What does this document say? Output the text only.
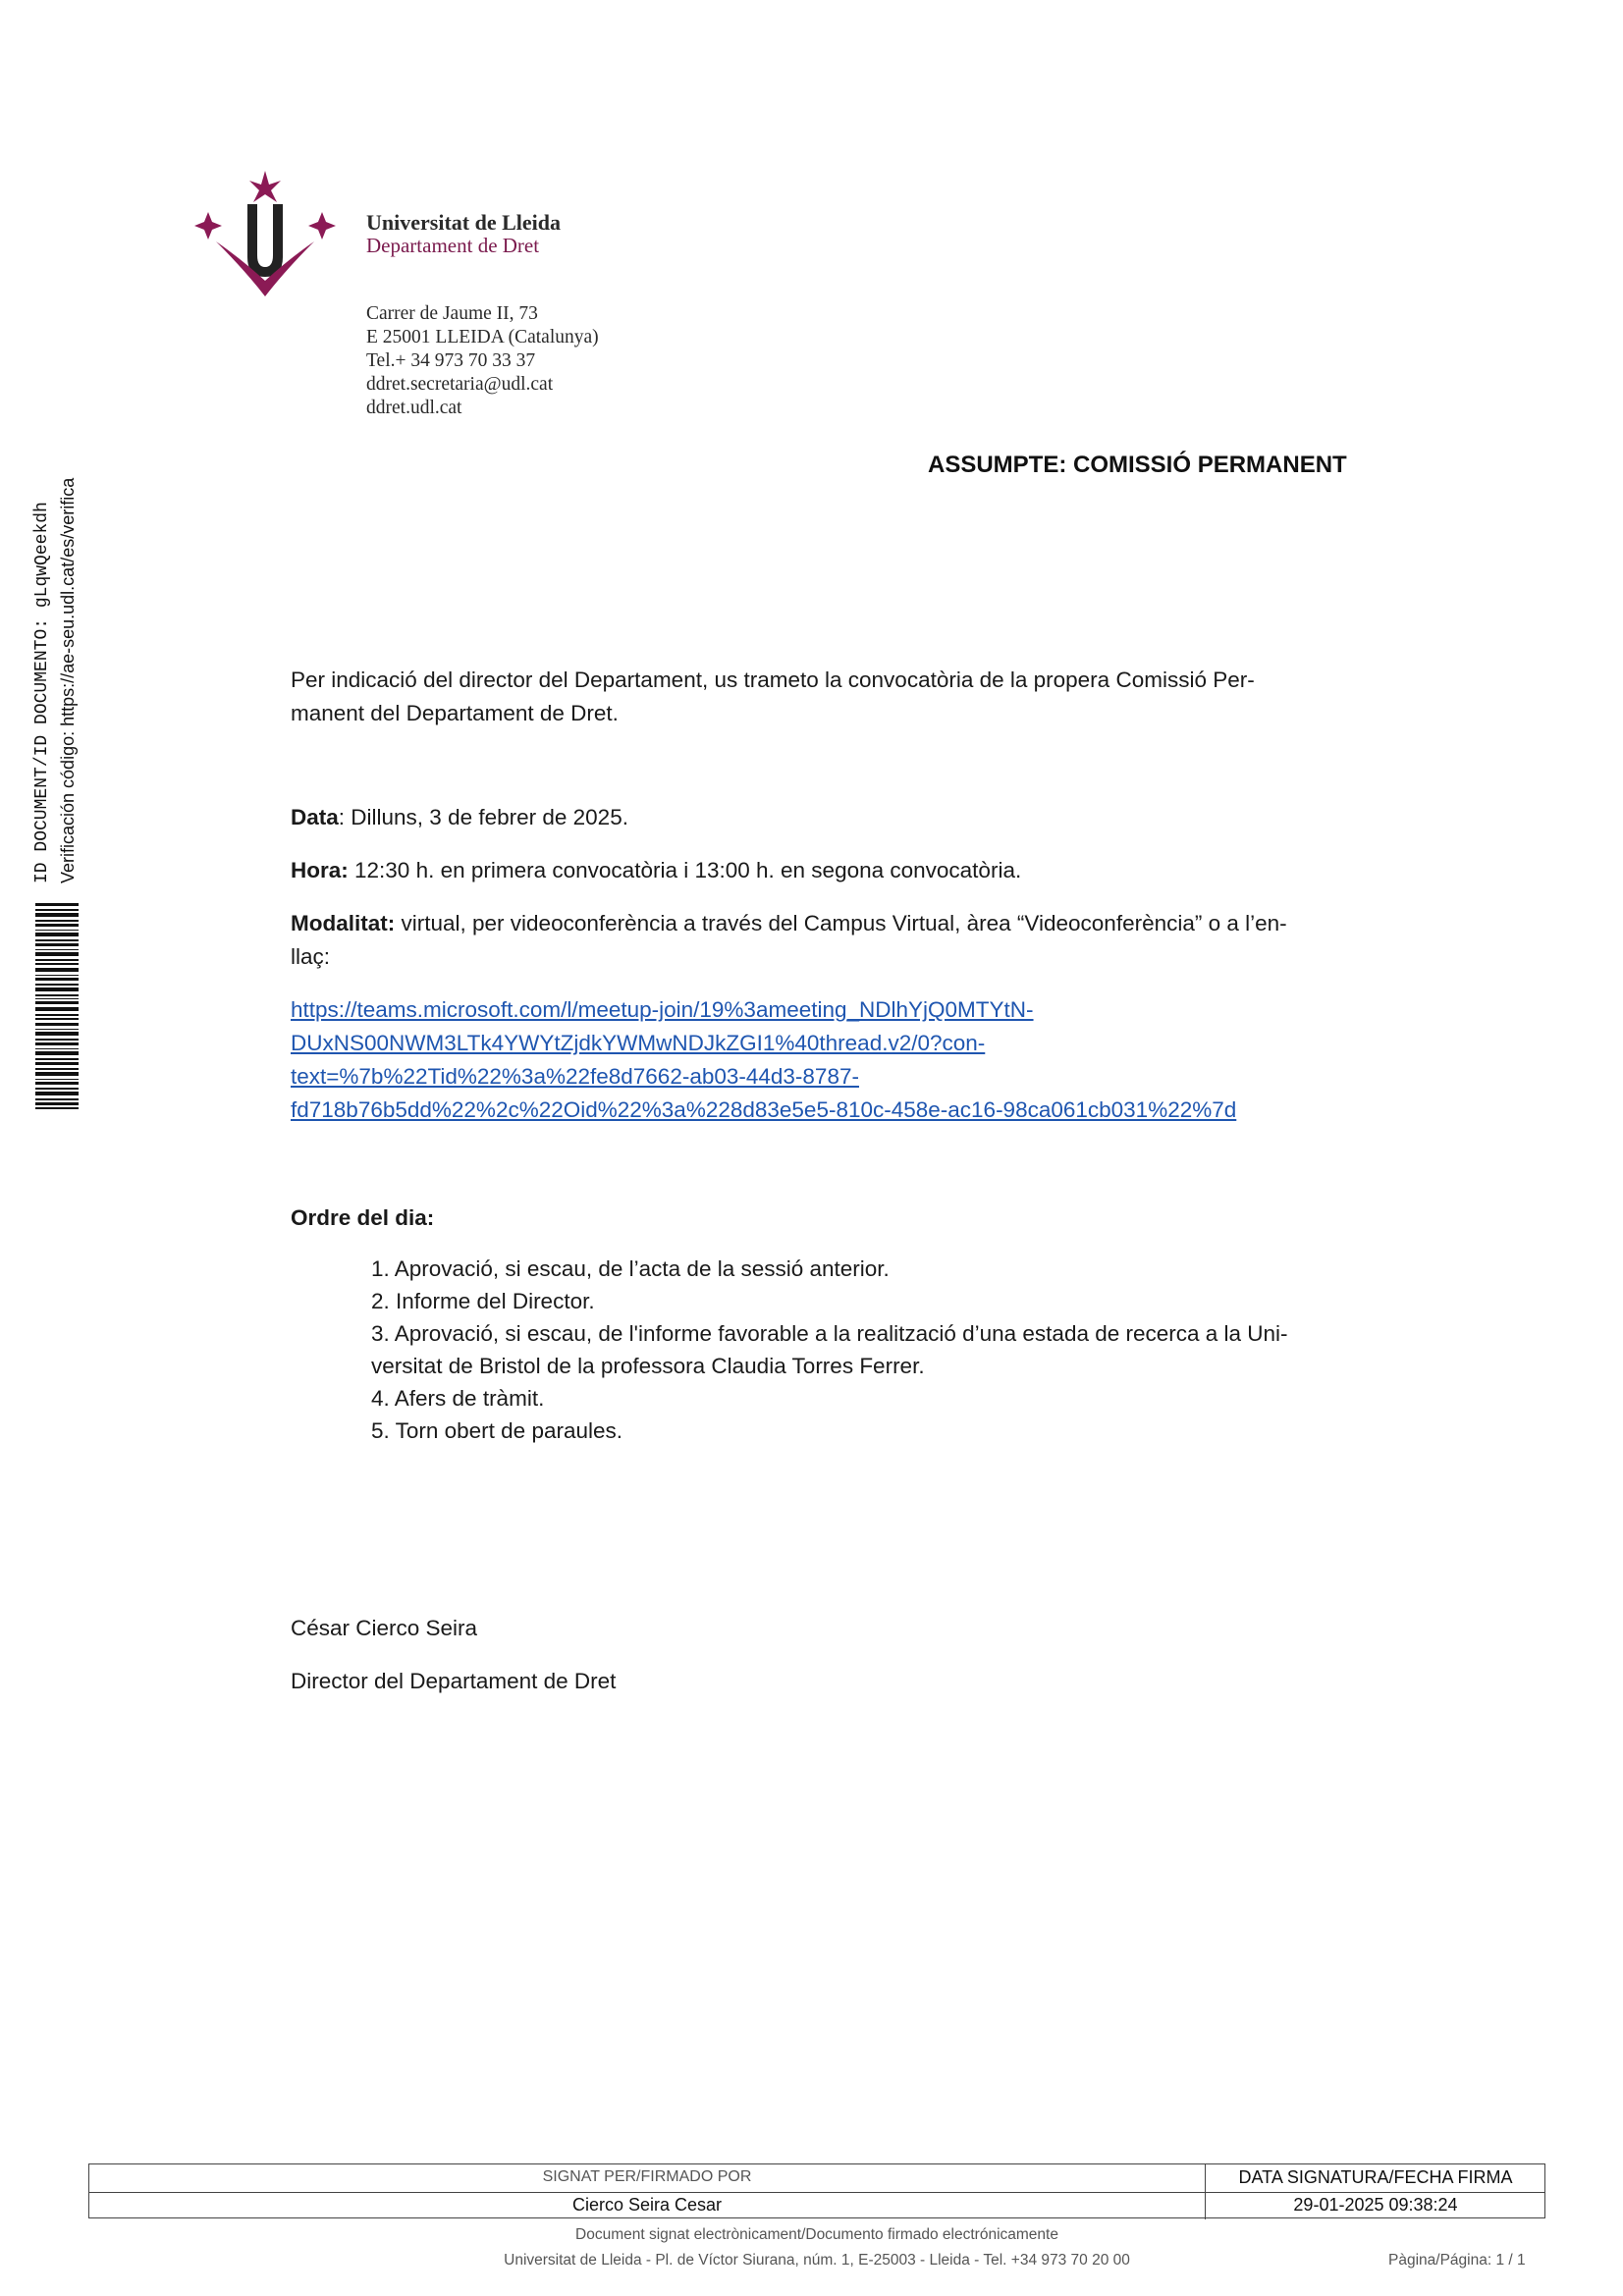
Universitat de Lleida
Departament de Dret
Carrer de Jaume II, 73
E 25001 LLEIDA (Catalunya)
Tel.+ 34 973 70 33 37
ddret.secretaria@udl.cat
ddret.udl.cat
ID DOCUMENT/ID DOCUMENTO: gLqwQeekdh Verificación código: https://ae-seu.udl.cat/es/verifica
ASSUMPTE: COMISSIÓ PERMANENT
Per indicació del director del Departament, us trameto la convocatòria de la propera Comissió Per-
manent del Departament de Dret.
Data: Dilluns, 3 de febrer de 2025.
Hora: 12:30 h. en primera convocatòria i 13:00 h. en segona convocatòria.
Modalitat: virtual, per videoconferència a través del Campus Virtual, àrea “Videoconferència” o a l’en-
llaç:
https://teams.microsoft.com/l/meetup-join/19%3ameeting_NDlhYjQ0MTYtN-
DUxNS00NWM3LTk4YWYtZjdkYWMwNDJkZGI1%40thread.v2/0?con-
text=%7b%22Tid%22%3a%22fe8d7662-ab03-44d3-8787-
fd718b76b5dd%22%2c%22Oid%22%3a%228d83e5e5-810c-458e-ac16-98ca061cb031%22%7d
Ordre del dia:
1. Aprovació, si escau, de l’acta de la sessió anterior.
2. Informe del Director.
3. Aprovació, si escau, de l'informe favorable a la realització d’una estada de recerca a la Uni-
versitat de Bristol de la professora Claudia Torres Ferrer.
4. Afers de tràmit.
5. Torn obert de paraules.
César Cierco Seira
Director del Departament de Dret
SIGNAT PER/FIRMADO POR	DATA SIGNATURA/FECHA FIRMA
Cierco Seira Cesar	29-01-2025 09:38:24
Document signat electrònicament/Documento firmado electrónicamente
Universitat de Lleida - Pl. de Víctor Siurana, núm. 1, E-25003 - Lleida - Tel. +34 973 70 20 00	Pàgina/Página: 1 / 1
